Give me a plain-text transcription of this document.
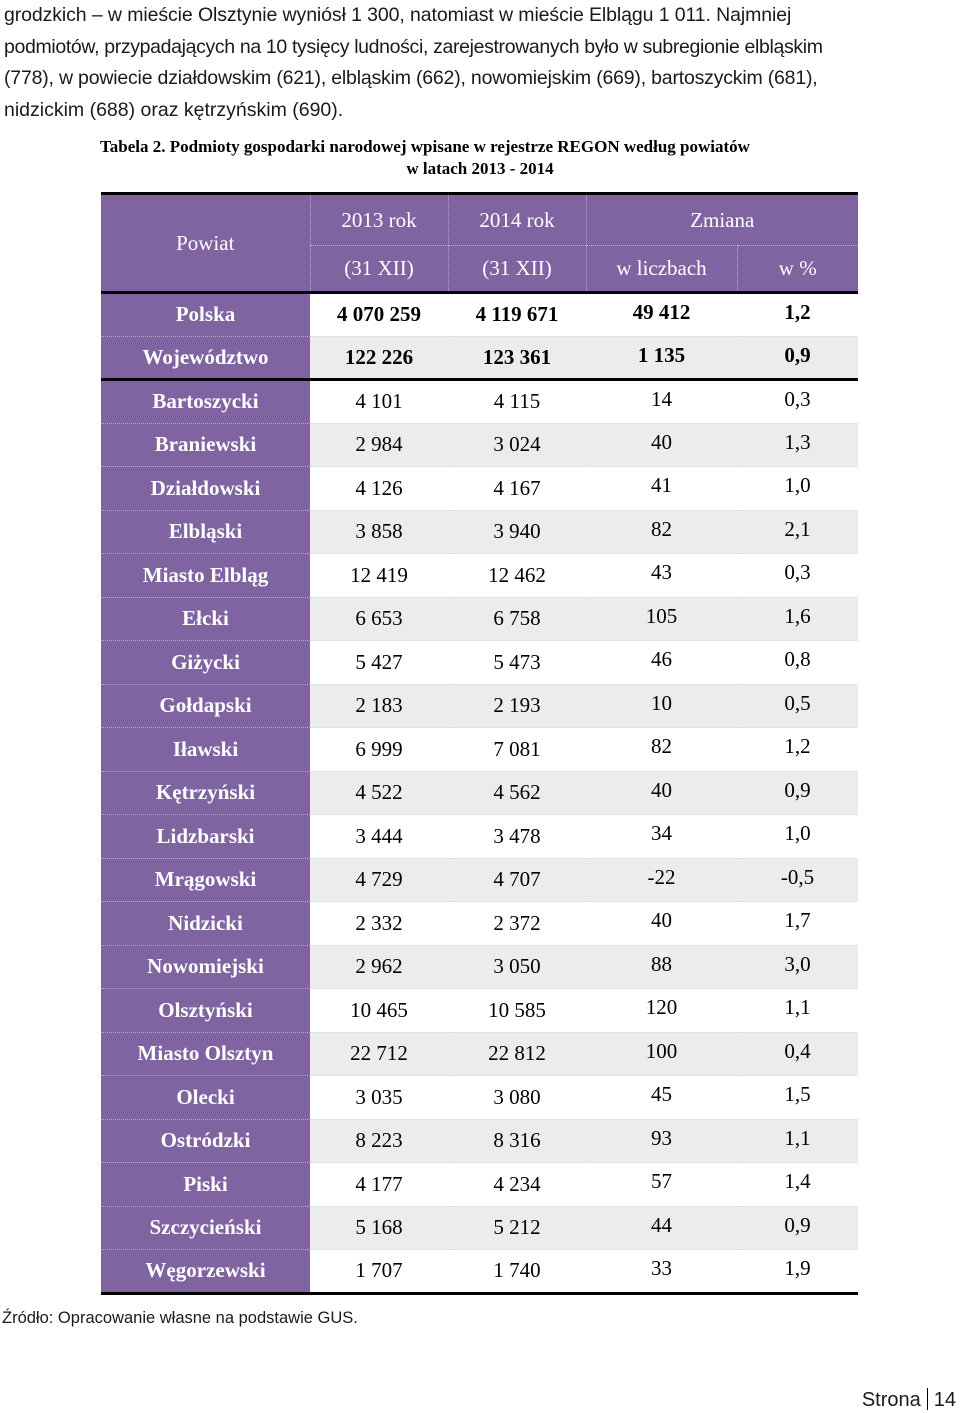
grodzkich – w mieście Olsztynie wyniósł 1 300, natomiast w mieście Elblągu 1 011. Najmniej
podmiotów, przypadających na 10 tysięcy ludności, zarejestrowanych było w subregionie elbląskim
(778), w powiecie działdowskim (621), elbląskim (662), nowomiejskim (669), bartoszyckim (681),
nidzickim (688) oraz kętrzyńskim (690).
Tabela 2. Podmioty gospodarki narodowej wpisane w rejestrze REGON według powiatów
w latach 2013 - 2014
Powiat	2013 rok	2014 rok	Zmiana	
	(31 XII)	(31 XII)	w liczbach	w %
Polska	4 070 259	4 119 671	49 412	1,2
Województwo	122 226	123 361	1 135	0,9
Bartoszycki	4 101	4 115	14	0,3
Braniewski	2 984	3 024	40	1,3
Działdowski	4 126	4 167	41	1,0
Elbląski	3 858	3 940	82	2,1
Miasto Elbląg	12 419	12 462	43	0,3
Ełcki	6 653	6 758	105	1,6
Giżycki	5 427	5 473	46	0,8
Gołdapski	2 183	2 193	10	0,5
Iławski	6 999	7 081	82	1,2
Kętrzyński	4 522	4 562	40	0,9
Lidzbarski	3 444	3 478	34	1,0
Mrągowski	4 729	4 707	-22	-0,5
Nidzicki	2 332	2 372	40	1,7
Nowomiejski	2 962	3 050	88	3,0
Olsztyński	10 465	10 585	120	1,1
Miasto Olsztyn	22 712	22 812	100	0,4
Olecki	3 035	3 080	45	1,5
Ostródzki	8 223	8 316	93	1,1
Piski	4 177	4 234	57	1,4
Szczycieński	5 168	5 212	44	0,9
Węgorzewski	1 707	1 740	33	1,9
Źródło: Opracowanie własne na podstawie GUS.
Strona 14
